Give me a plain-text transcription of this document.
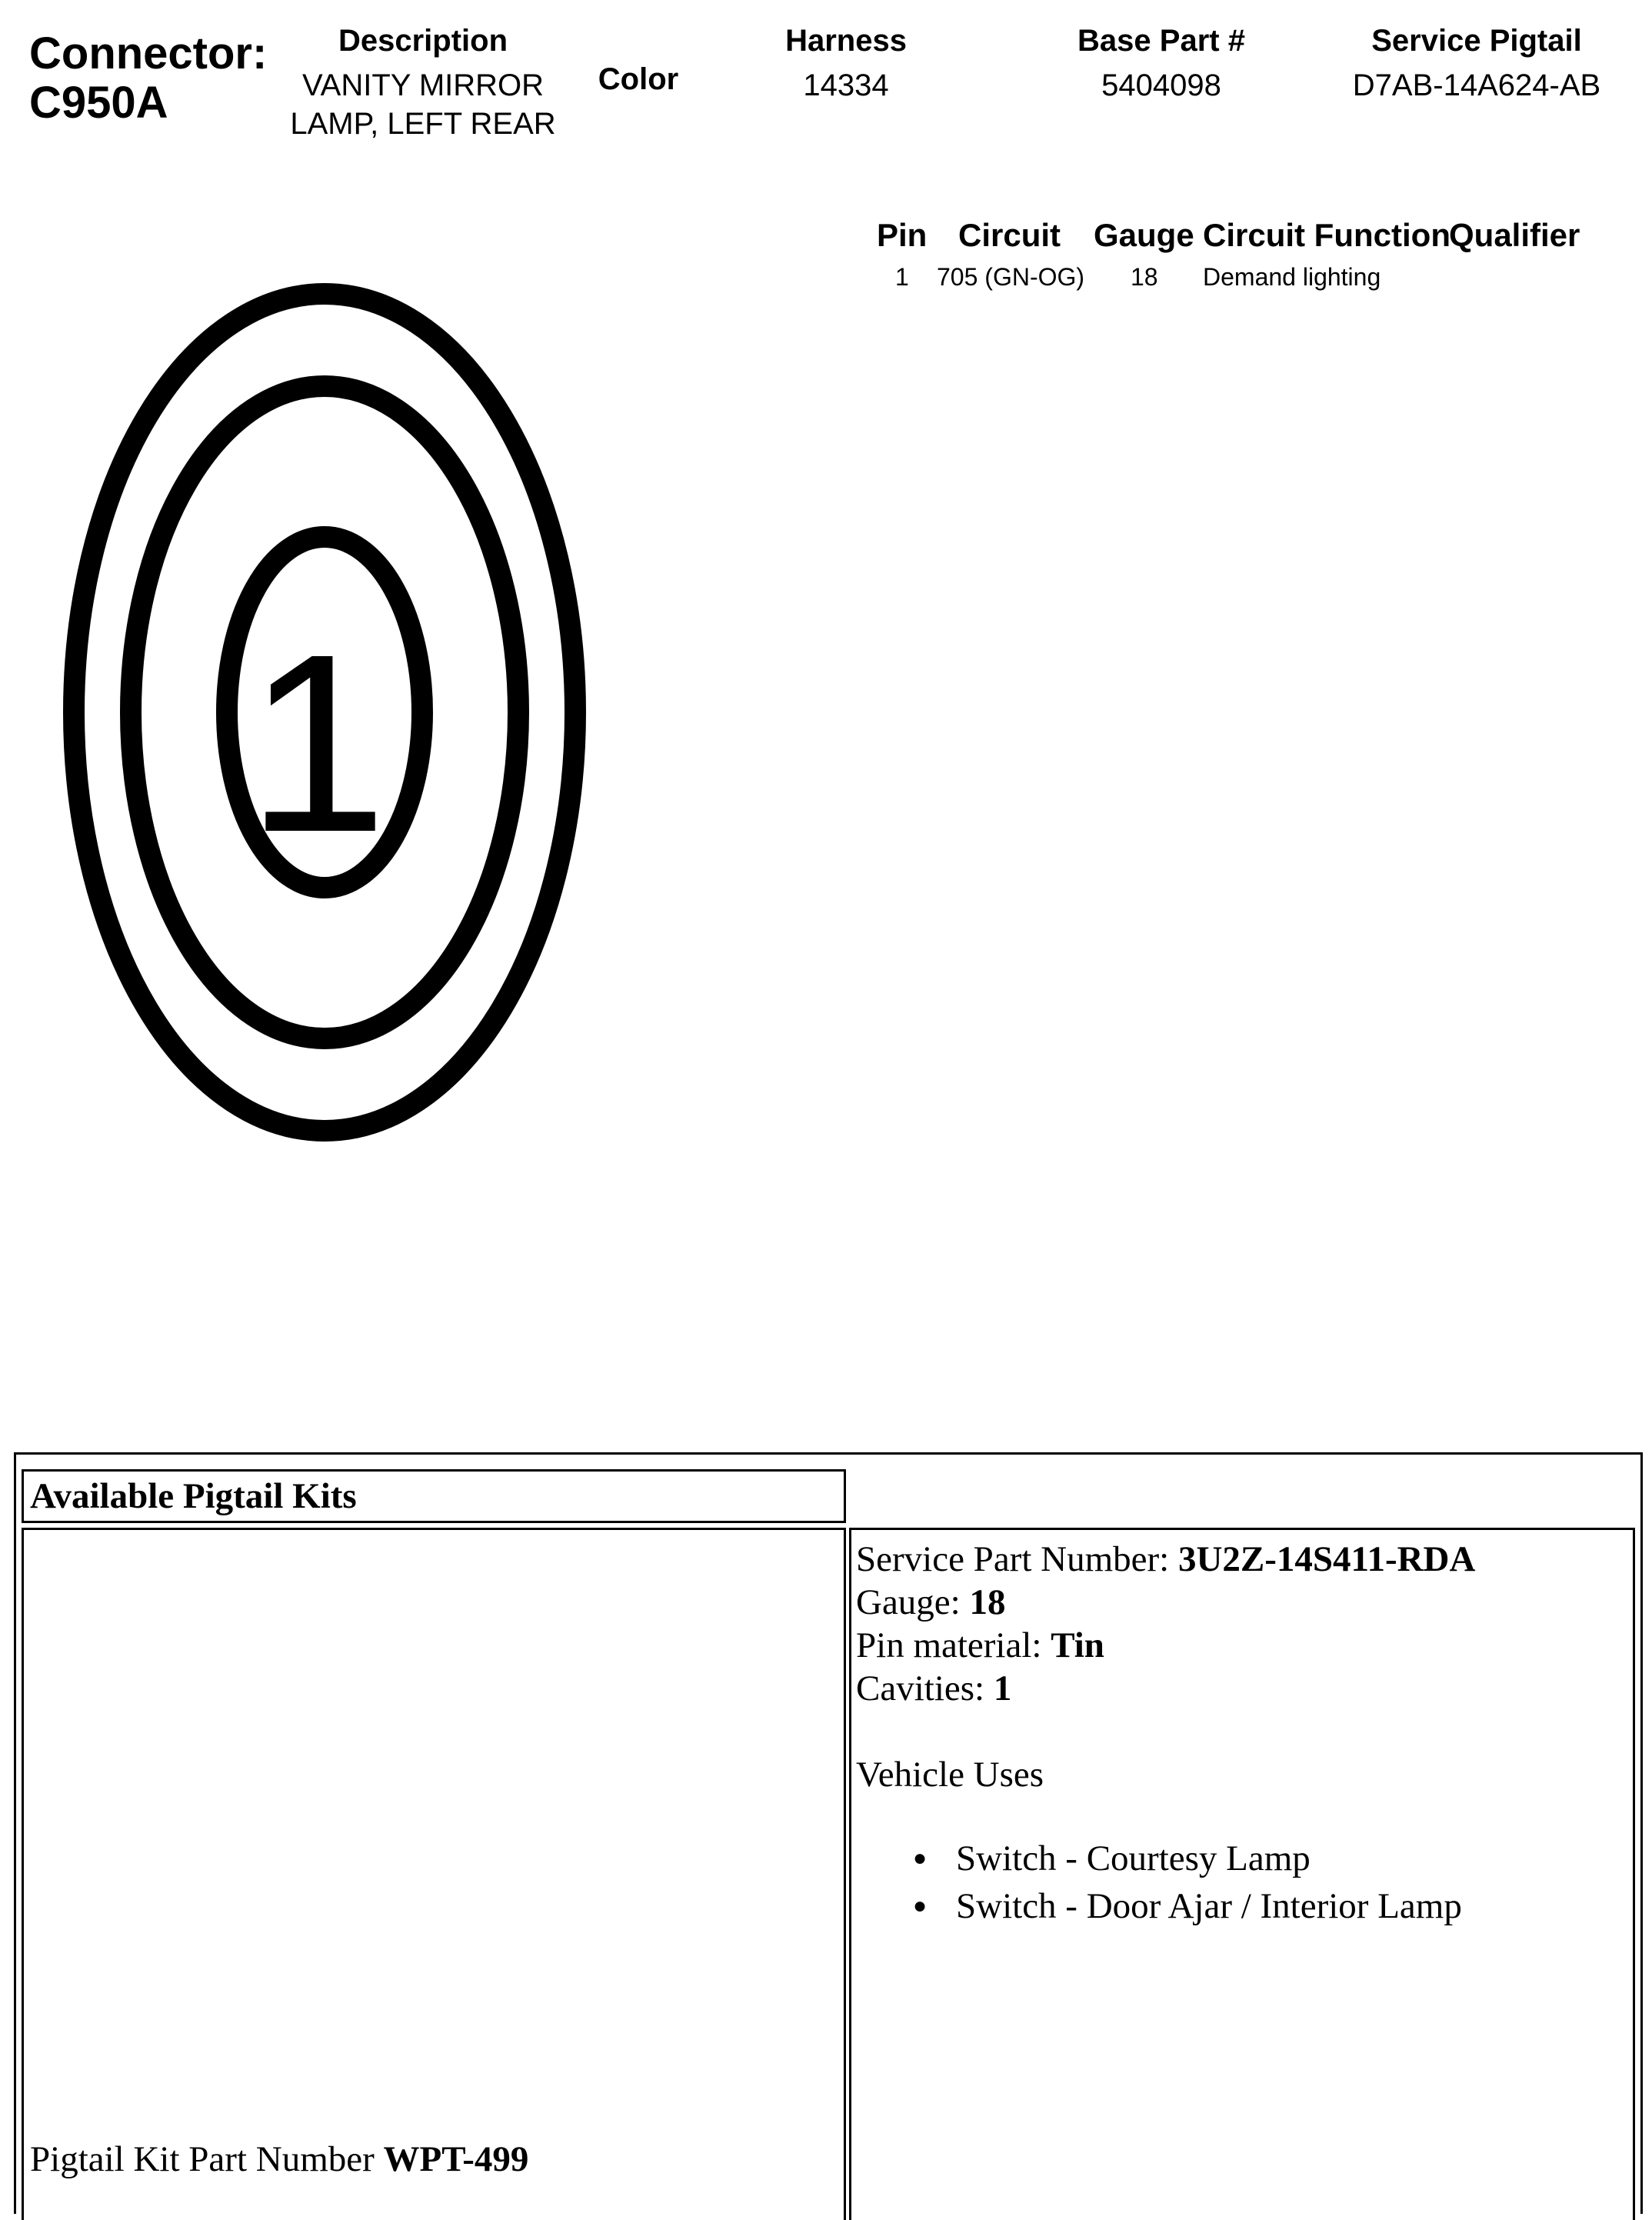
Connector:
C950A
Description
VANITY MIRROR
LAMP, LEFT REAR
Color
Harness
14334
Base Part #
5404098
Service Pigtail
D7AB-14A624-AB
Pin Circuit Gauge Circuit Function
Qualifier
1 705 (GN-OG) 18 Demand lighting
1
Available Pigtail Kits
Pigtail Kit Part Number WPT-499
Service Part Number: 3U2Z-14S411-RDA
Gauge: 18
Pin material: Tin
Cavities: 1
Vehicle Uses
● Switch - Courtesy Lamp
● Switch - Door Ajar / Interior Lamp
